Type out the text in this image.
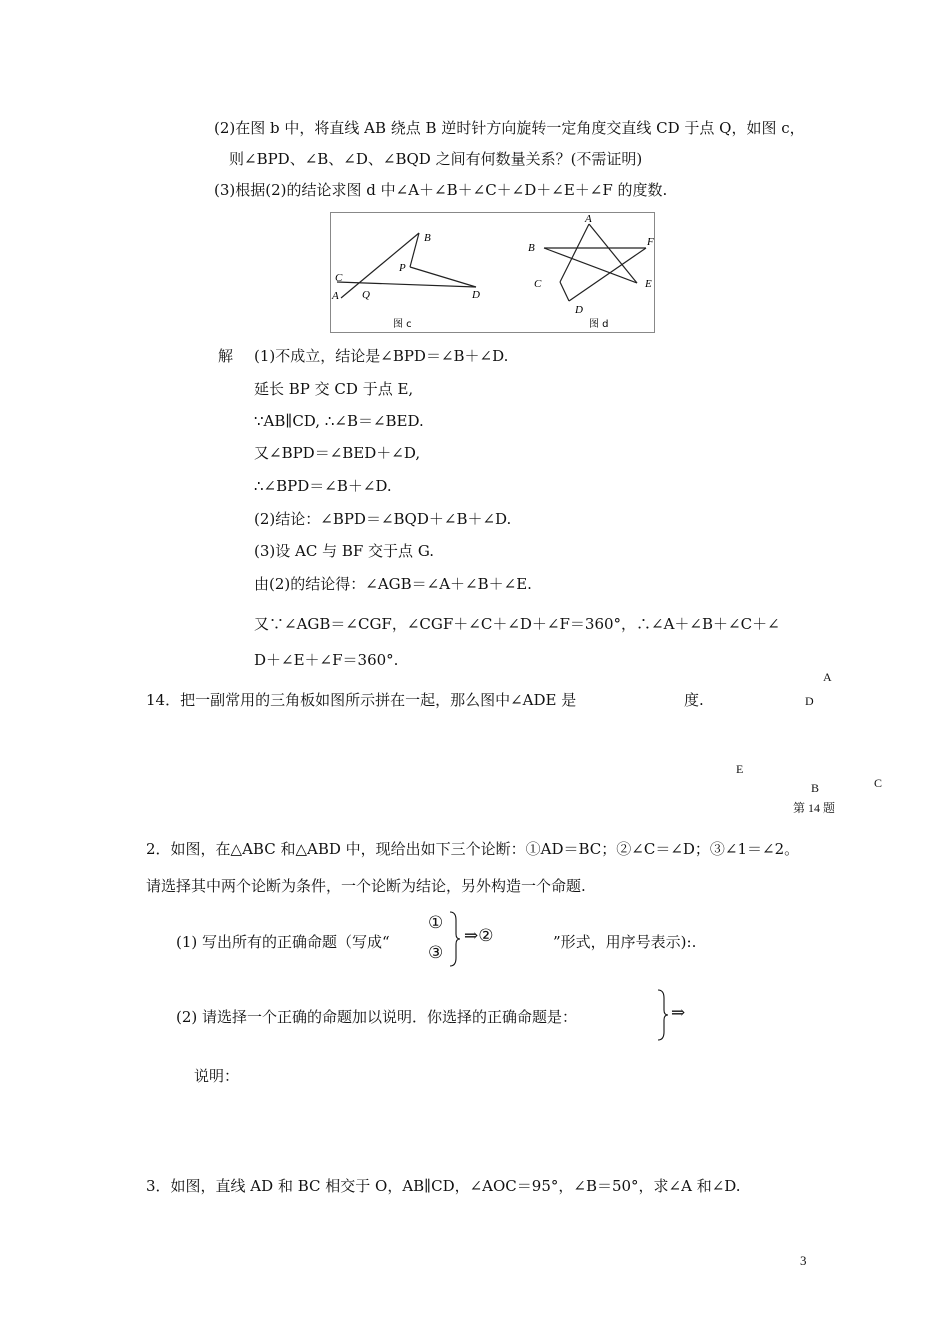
(2)在图 b 中，将直线 AB 绕点 B 逆时针方向旋转一定角度交直线 CD 于点 Q，如图 c，
则∠BPD、∠B、∠D、∠BQD 之间有何数量关系？(不需证明)
(3)根据(2)的结论求图 d 中∠A＋∠B＋∠C＋∠D＋∠E＋∠F 的度数.
B
P
C
A Q	D
图 c
A
B	F
C	E
D
图 d
解 (1)不成立，结论是∠BPD＝∠B＋∠D.
延长 BP 交 CD 于点 E,
∵AB∥CD, ∴∠B＝∠BED.
又∠BPD＝∠BED＋∠D,
∴∠BPD＝∠B＋∠D.
(2)结论：∠BPD＝∠BQD＋∠B＋∠D.
(3)设 AC 与 BF 交于点 G.
由(2)的结论得：∠AGB＝∠A＋∠B＋∠E.
又∵∠AGB＝∠CGF，∠CGF＋∠C＋∠D＋∠F＝360°，∴∠A＋∠B＋∠C＋∠
D＋∠E＋∠F＝360°.
14．把一副常用的三角板如图所示拼在一起，那么图中∠ADE 是	度.
A
D
E
B	C
第 14 题
2．如图，在△ABC 和△ABD 中，现给出如下三个论断：①AD＝BC；②∠C＝∠D；③∠1＝∠2。
请选择其中两个论断为条件，一个论断为结论，另外构造一个命题.
(1) 写出所有的正确命题（写成“
①
③
⇒②	”形式，用序号表示):.
(2) 请选择一个正确的命题加以说明．你选择的正确命题是：	⇒
说明：
3．如图，直线 AD 和 BC 相交于 O，AB∥CD，∠AOC＝95°，∠B＝50°，求∠A 和∠D.
3
